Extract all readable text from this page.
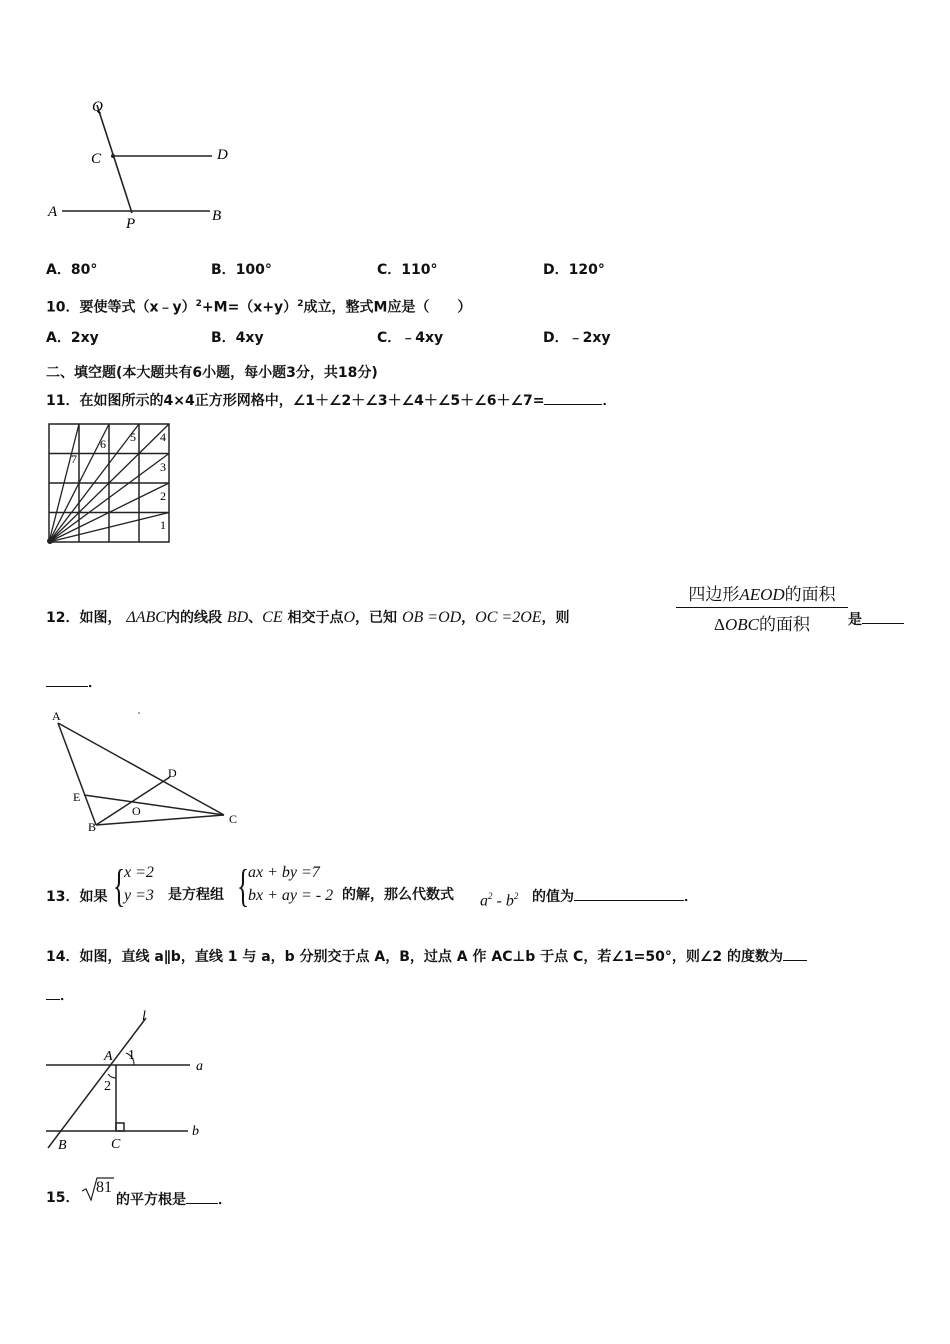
Q
C	D
A
P	B
A．80°	B．100°	C．110°	D．120°
10．要使等式$(x﹣y)^2+M=(x+y)^2$成立，整式M应是（　　）
A．2xy	B．4xy	C．﹣4xy	D．﹣2xy
二、填空题(本大题共有6小题，每小题3分，共18分)
11．在如图所示的4×4正方形网格中，∠1＋∠2＋∠3＋∠4＋∠5＋∠6＋∠7=	．
1
2
3
4
5
6
7
12．如图， ΔABC内的线段 BD、CE 相交于点O，已知 OB =OD，OC =2OE，则
四边形AEOD的面积
ΔOBC的面积	是
．
A
D
E
O
B
C
13．如果 {
x =2
y =3 是方程组 {
ax + by =7
bx + ay = - 2 的解，那么代数式 $a^2 - b^2$ 的值为	．
14．如图，直线 a∥b，直线 1 与 a，b 分别交于点 A，B，过点 A 作 AC⊥b 于点 C，若∠1=50°，则∠2 的度数为
．
l
A 1
a
2
b
B	C
15．
81
的平方根是 ．
